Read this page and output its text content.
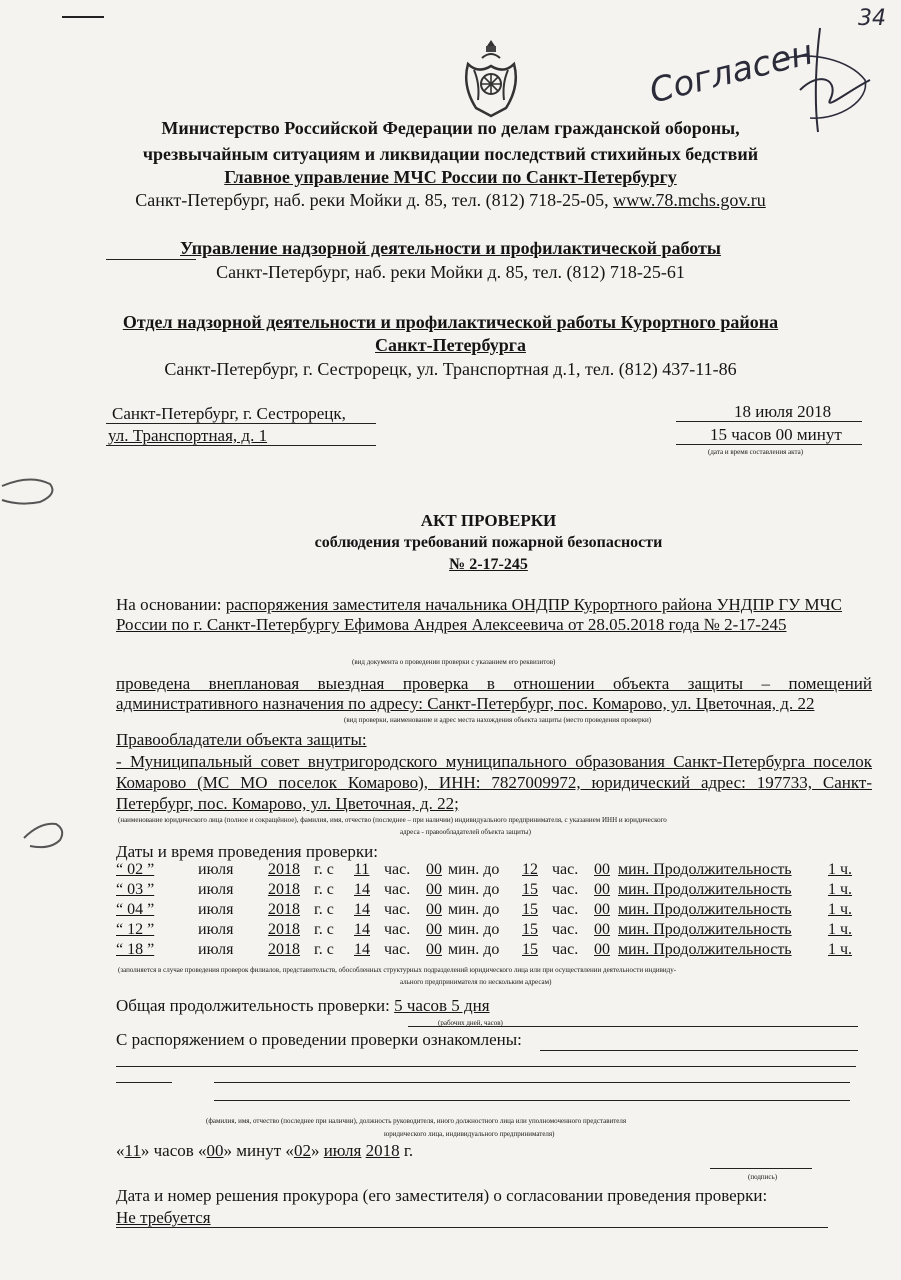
34
Согласен
Министерство Российской Федерации по делам гражданской обороны,
чрезвычайным ситуациям и ликвидации последствий стихийных бедствий
Главное управление МЧС России по Санкт-Петербургу
Санкт-Петербург, наб. реки Мойки д. 85, тел. (812) 718-25-05, www.78.mchs.gov.ru
Управление надзорной деятельности и профилактической работы
Санкт-Петербург, наб. реки Мойки д. 85, тел. (812) 718-25-61
Отдел надзорной деятельности и профилактической работы Курортного района
Санкт-Петербурга
Санкт-Петербург, г. Сестрорецк, ул. Транспортная д.1, тел. (812) 437-11-86
Санкт-Петербург, г. Сестрорецк,
ул. Транспортная, д. 1
18 июля 2018
15 часов 00 минут
(дата и время составления акта)
АКТ ПРОВЕРКИ
соблюдения требований пожарной безопасности
№ 2-17-245
На основании: распоряжения заместителя начальника ОНДПР Курортного района УНДПР ГУ МЧС России по г. Санкт-Петербургу Ефимова Андрея Алексеевича от 28.05.2018 года № 2-17-245
(вид документа о проведении проверки с указанием его реквизитов)
проведена внеплановая выездная проверка в отношении объекта защиты – помещений административного назначения по адресу: Санкт-Петербург, пос. Комарово, ул. Цветочная, д. 22
(вид проверки, наименование и адрес места нахождения объекта защиты (место проведения проверки)
Правообладатели объекта защиты:
- Муниципальный совет внутригородского муниципального образования Санкт-Петербурга поселок Комарово (МС МО поселок Комарово), ИНН: 7827009972, юридический адрес: 197733, Санкт-Петербург, пос. Комарово, ул. Цветочная, д. 22;
(наименование юридического лица (полное и сокращённое), фамилия, имя, отчество (последнее – при наличии) индивидуального предпринимателя, с указанием ИНН и юридического
адреса - правообладателей объекта защиты)
Даты и время проведения проверки:
“ 02 ”	июля 2018 г. с 11 час. 00 мин. до 12 час. 00 мин. Продолжительность 1 ч.
“ 03 ”	июля 2018 г. с 14 час. 00 мин. до 15 час. 00 мин. Продолжительность 1 ч.
“ 04 ”	июля 2018 г. с 14 час. 00 мин. до 15 час. 00 мин. Продолжительность 1 ч.
“ 12 ”	июля 2018 г. с 14 час. 00 мин. до 15 час. 00 мин. Продолжительность 1 ч.
“ 18 ”	июля 2018 г. с 14 час. 00 мин. до 15 час. 00 мин. Продолжительность 1 ч.
(заполняется в случае проведения проверок филиалов, представительств, обособленных структурных подразделений юридического лица или при осуществлении деятельности индивиду-
ального предпринимателя по нескольким адресам)
Общая продолжительность проверки: 5 часов 5 дня
(рабочих дней, часов)
С распоряжением о проведении проверки ознакомлены:
(фамилия, имя, отчество (последнее при наличии), должность руководителя, иного должностного лица или уполномоченного представителя
юридического лица, индивидуального предпринимателя)
«11» часов «00» минут «02» июля 2018 г.
(подпись)
Дата и номер решения прокурора (его заместителя) о согласовании проведения проверки:
Не требуется
